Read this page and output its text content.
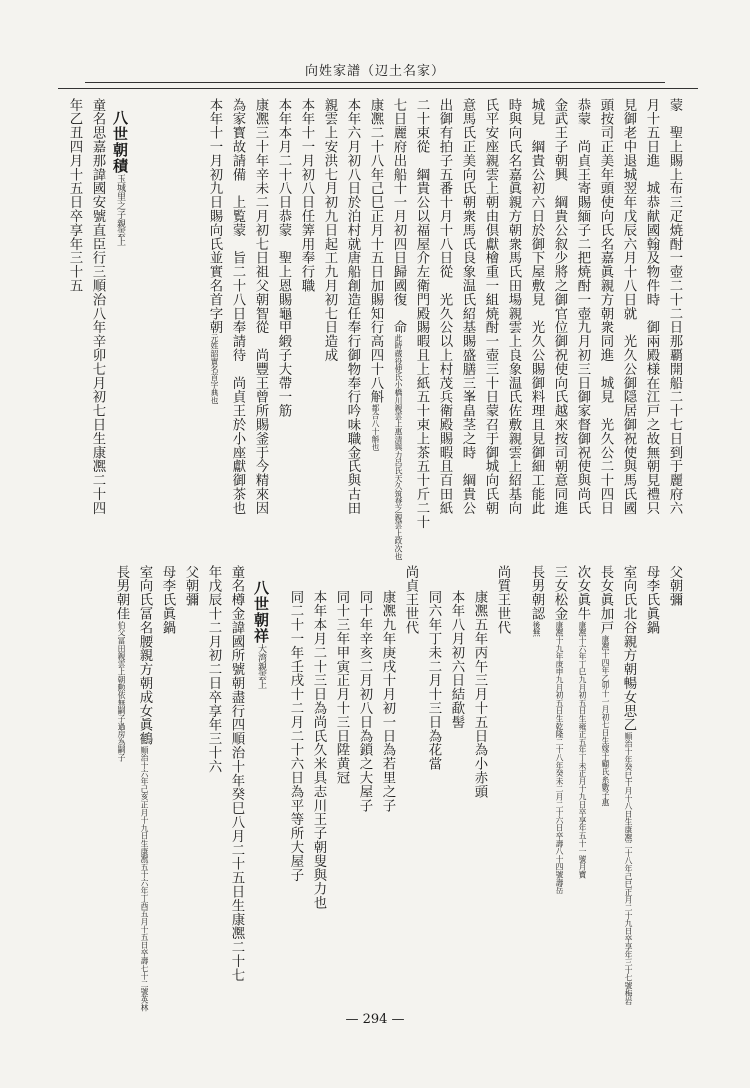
向姓家譜（辺土名家）
蒙　聖上賜上布三疋焼酎一壺二十二日那覇開船二十七日到于麗府六
月十五日進　城恭献國翰及物件時　御兩殿様在江戸之故無朝見禮只
見御老中退城翌年戊辰六月十八日就　光久公御隠居御祝使與馬氏國
頭按司正美年頭使向氏名嘉眞親方朝衆同進　城見　光久公二十四日
恭蒙　尚貞王寄賜緬子二把焼酎一壺九月初三日御家督御祝使與尚氏
金武王子朝興　綱貴公叙少將之御官位御祝使向氏越來按司朝意同進
城見　綱貴公初六日於御下屋敷見　光久公賜御料理且見御細工能此
時與向氏名嘉眞親方朝衆馬氏田場親雲上良象温氏佐敷親雲上紹基向
氏平安座親雲上朝由倶獻檜重一組焼酎一壺三十日蒙召于御城向氏朝
意馬氏正美向氏朝衆馬氏良象温氏紹基賜盛膳三峯畠茎之時　綱貴公
出御有拍子五番十月十八日從　光久公以上村茂兵衛殿賜暇且百田紙
二十束從　綱貴公以福屋介左衛門殿賜暇且上紙五十束上茶五十斤二十
七日麗府出船十一月初四日歸國復　命此時蔵役使氏小橋川親雲上惠清與力呂氏天久筑登之親雲上政次也
康凞二十八年己巳正月十五日加賜知行高四十八斛都合八十斛也
本年六月初八日於泊村就唐船創造任奉行御物奉行吟味職金氏與古田
親雲上安洪七月初九日起工九月初七日造成
本年十一月初八日任筭用奉行職
本年本月二十八日恭蒙　聖上恩賜龜甲緞子大帶一筋
康凞三十年辛未二月初七日祖父朝智從　尚豐王曾所賜釜于今精來因
為家寳故請備　上覧蒙　旨二十八日奉請待　尚貞王於小座獻御茶也
本年十一月初九日賜向氏並實名首字朝元姓韶實名首字典也
八世朝積玉城里之子親雲上
童名思嘉那諱國安號直臣行三順治八年辛卯七月初七日生康凞二十四
年乙丑四月十五日卒享年三十五
父朝彌
母李氏眞鍋
室向氏北谷親方朝暢女思乙順治十年癸巳十月十八日生康凞二十八年己巳正月二十九日卒享年三十七號梅岩
長女眞加戸康凞十四年乙卯十一月初七日生嫁于顧氏糸數子惠
次女眞牛康凞十六年丁巳九月初五日生雍正五年丁未正月十九日卒享年五十一號月寶
三女松金康凞十九年庚申九月初五日生乾隆二十八年癸未二月二十六日卒壽八十四號壽岳
長男朝認後無
尚質王世代
康凞五年丙午三月十五日為小赤頭
本年八月初六日結歃髻
同六年丁未二月十三日為花當
尚貞王世代
康凞九年庚戌十月初一日為若里之子
同十年辛亥二月初八日為鎖之大屋子
同十三年甲寅正月十三日陞黄冠
本年本月二十三日為尚氏久米具志川王子朝叟與力也
同二十一年壬戌十二月二十六日為平等所大屋子
八世朝祥大湾親雲上
童名樽金諱國所號朝盡行四順治十年癸巳八月二十五日生康凞二十七
年戊辰十二月初二日卒享年三十六
父朝彌
母李氏眞鍋
室向氏冨名腰親方朝成女眞鶴順治十六年己亥正月十九日生康凞五十六年丁酉五月十五日卒壽七十二號英林
長男朝佳伯父冨田親雲上朝勲依無嗣子過房為嗣子
— 294 —
